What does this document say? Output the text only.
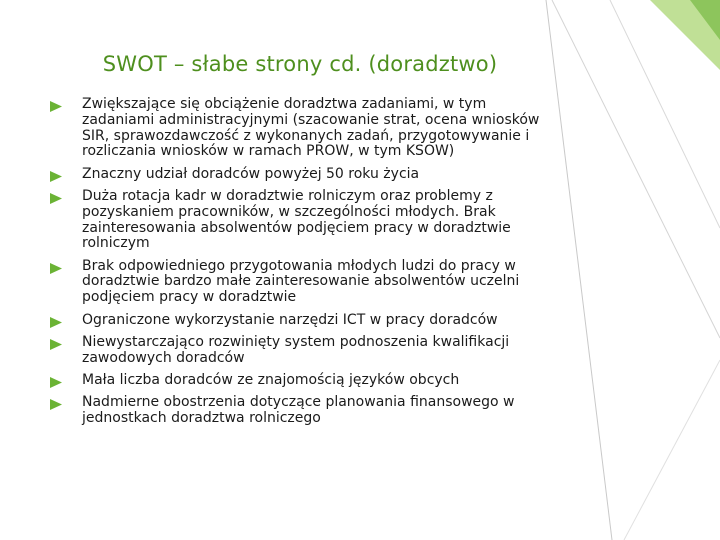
SWOT – słabe strony cd. (doradztwo)
Zwiększające się obciążenie doradztwa zadaniami, w tym zadaniami administracyjnymi (szacowanie strat, ocena wniosków SIR, sprawozdawczość z wykonanych zadań, przygotowywanie i rozliczania wniosków w ramach PROW, w tym KSOW)
Znaczny udział doradców powyżej 50 roku życia
Duża rotacja kadr w doradztwie rolniczym oraz problemy z pozyskaniem pracowników, w szczególności młodych. Brak zainteresowania absolwentów podjęciem pracy w doradztwie rolniczym
Brak odpowiedniego przygotowania młodych ludzi do pracy w doradztwie bardzo małe zainteresowanie absolwentów uczelni podjęciem pracy w doradztwie
Ograniczone wykorzystanie narzędzi ICT w pracy doradców
Niewystarczająco rozwinięty system podnoszenia kwalifikacji zawodowych doradców
Mała liczba doradców ze znajomością języków obcych
Nadmierne obostrzenia dotyczące planowania finansowego w jednostkach doradztwa rolniczego
